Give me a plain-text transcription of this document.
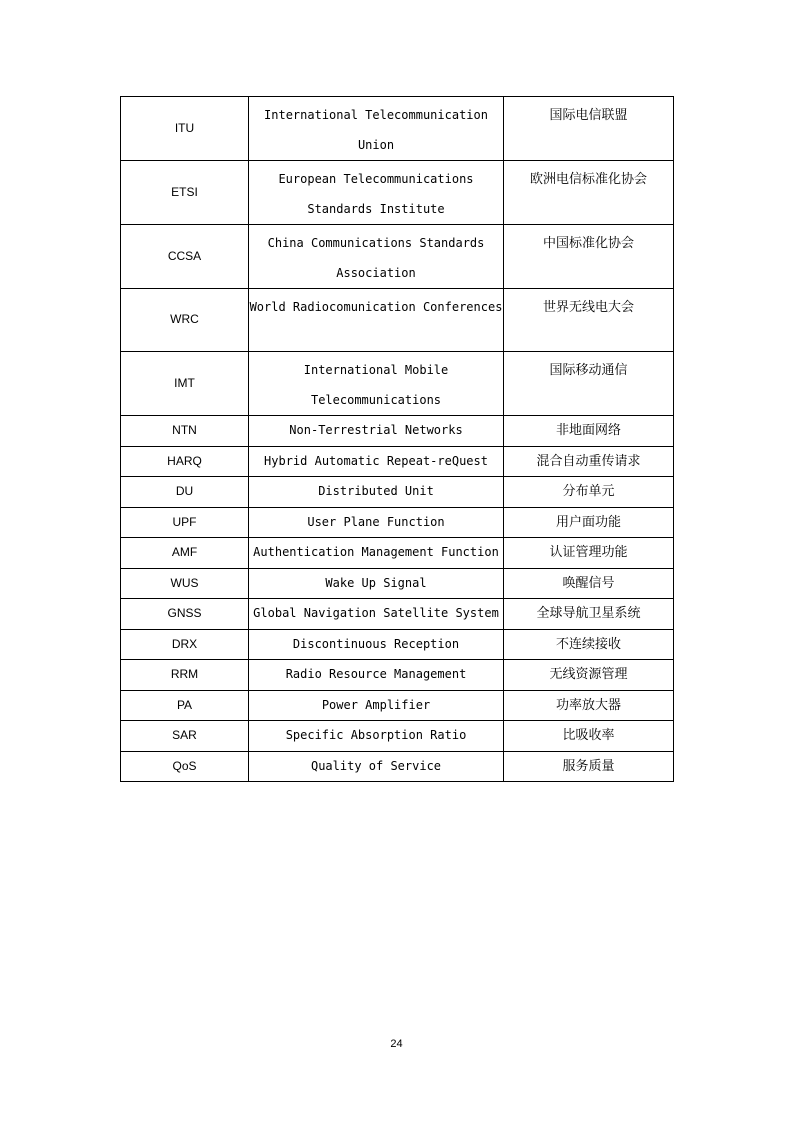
ITU	International Telecommunication Union	国际电信联盟
ETSI	European Telecommunications Standards Institute	欧洲电信标准化协会
CCSA	China Communications Standards Association	中国标准化协会
WRC	World Radiocomunication Conferences	世界无线电大会
IMT	International Mobile Telecommunications	国际移动通信
NTN	Non-Terrestrial Networks	非地面网络
HARQ	Hybrid Automatic Repeat-reQuest	混合自动重传请求
DU	Distributed Unit	分布单元
UPF	User Plane Function	用户面功能
AMF	Authentication Management Function	认证管理功能
WUS	Wake Up Signal	唤醒信号
GNSS	Global Navigation Satellite System	全球导航卫星系统
DRX	Discontinuous Reception	不连续接收
RRM	Radio Resource Management	无线资源管理
PA	Power Amplifier	功率放大器
SAR	Specific Absorption Ratio	比吸收率
QoS	Quality of Service	服务质量
24
